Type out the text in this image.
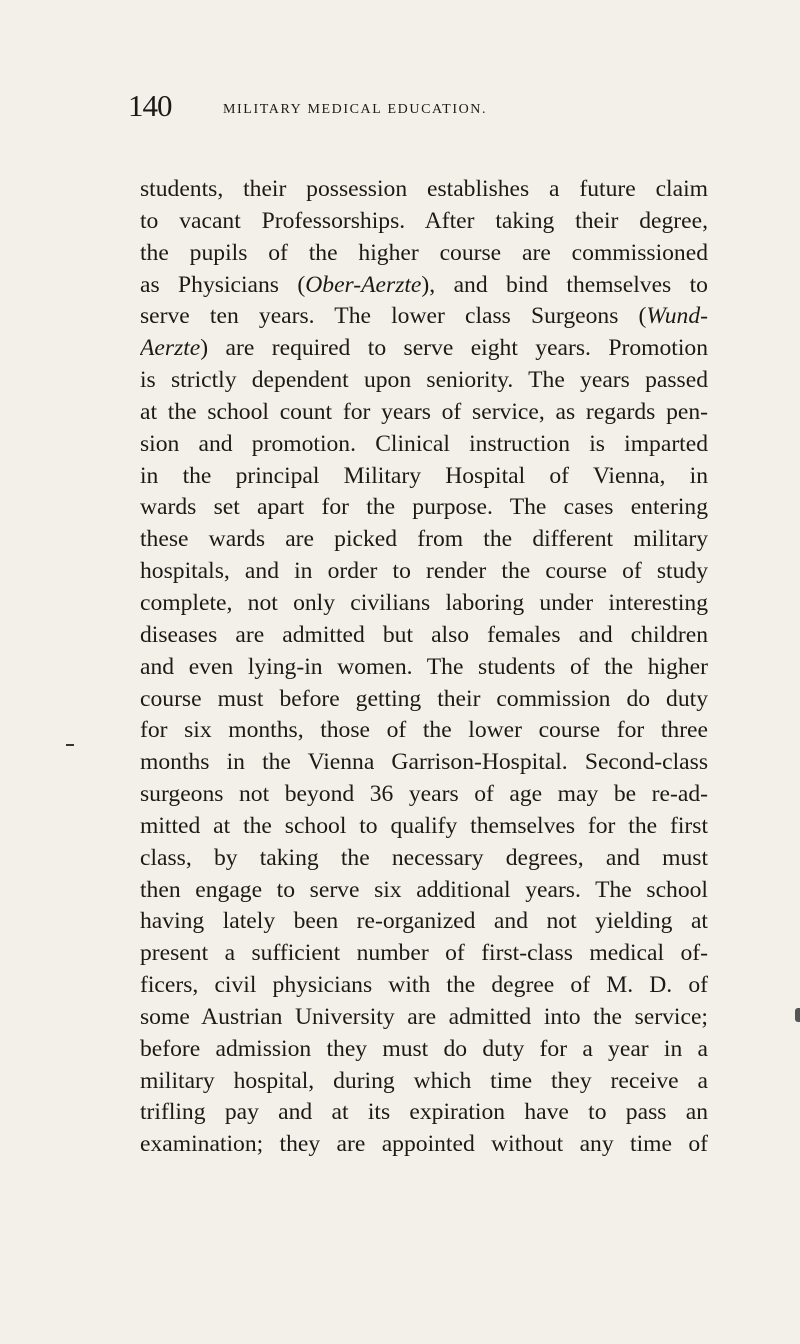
140	military medical education.
students, their possession establishes a future claim
to vacant Professorships. After taking their degree,
the pupils of the higher course are commissioned
as Physicians (Ober-Aerzte), and bind themselves to
serve ten years. The lower class Surgeons (Wund-
Aerzte) are required to serve eight years. Promotion
is strictly dependent upon seniority. The years passed
at the school count for years of service, as regards pen-
sion and promotion. Clinical instruction is imparted
in the principal Military Hospital of Vienna, in
wards set apart for the purpose. The cases entering
these wards are picked from the different military
hospitals, and in order to render the course of study
complete, not only civilians laboring under interesting
diseases are admitted but also females and children
and even lying-in women. The students of the higher
course must before getting their commission do duty
for six months, those of the lower course for three
months in the Vienna Garrison-Hospital. Second-class
surgeons not beyond 36 years of age may be re-ad-
mitted at the school to qualify themselves for the first
class, by taking the necessary degrees, and must
then engage to serve six additional years. The school
having lately been re-organized and not yielding at
present a sufficient number of first-class medical of-
ficers, civil physicians with the degree of M. D. of
some Austrian University are admitted into the service;
before admission they must do duty for a year in a
military hospital, during which time they receive a
trifling pay and at its expiration have to pass an
examination; they are appointed without any time of
